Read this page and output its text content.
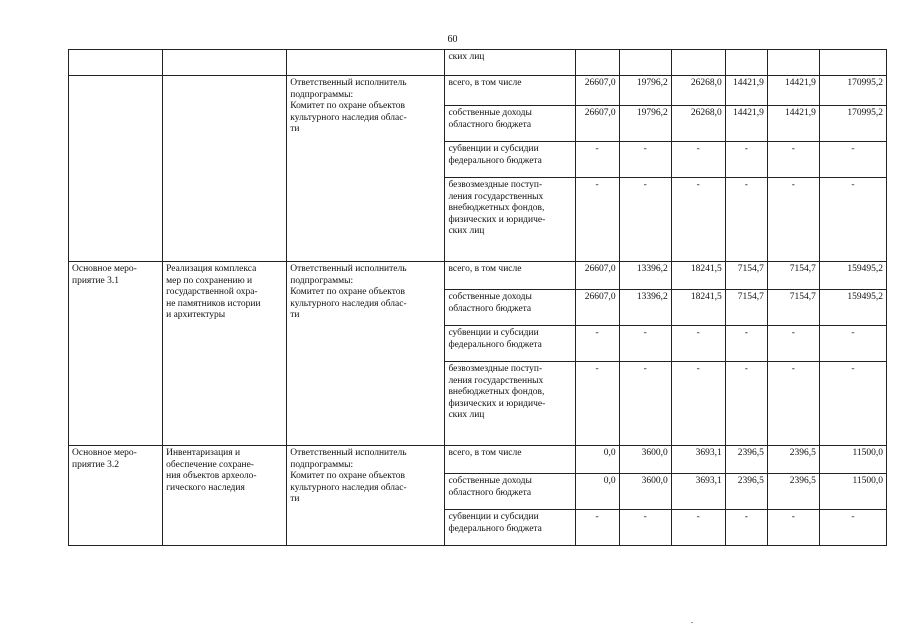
60

			ских лиц						

		Ответственный исполнитель
подпрограммы:
Комитет по охране объектов
культурного наследия облас-
ти	всего, в том числе	26607,0	19796,2	26268,0	14421,9	14421,9	170995,2

			собственные доходы
областного бюджета	26607,0	19796,2	26268,0	14421,9	14421,9	170995,2

			субвенции и субсидии
федерального бюджета	-	-	-	-	-	-

			безвозмездные поступ-
ления государственных
внебюджетных фондов,
физических и юридиче-
ских лиц	-	-	-	-	-	-

Основное меро-
приятие 3.1	Реализация комплекса
мер по сохранению и
государственной охра-
не памятников истории
и архитектуры	Ответственный исполнитель
подпрограммы:
Комитет по охране объектов
культурного наследия облас-
ти	всего, в том числе	26607,0	13396,2	18241,5	7154,7	7154,7	159495,2

			собственные доходы
областного бюджета	26607,0	13396,2	18241,5	7154,7	7154,7	159495,2

			субвенции и субсидии
федерального бюджета	-	-	-	-	-	-

			безвозмездные поступ-
ления государственных
внебюджетных фондов,
физических и юридиче-
ских лиц	-	-	-	-	-	-

Основное меро-
приятие 3.2	Инвентаризация и
обеспечение сохране-
ния объектов археоло-
гического наследия	Ответственный исполнитель
подпрограммы:
Комитет по охране объектов
культурного наследия облас-
ти	всего, в том числе	0,0	3600,0	3693,1	2396,5	2396,5	11500,0

			собственные доходы
областного бюджета	0,0	3600,0	3693,1	2396,5	2396,5	11500,0

			субвенции и субсидии
федерального бюджета	-	-	-	-	-	-
